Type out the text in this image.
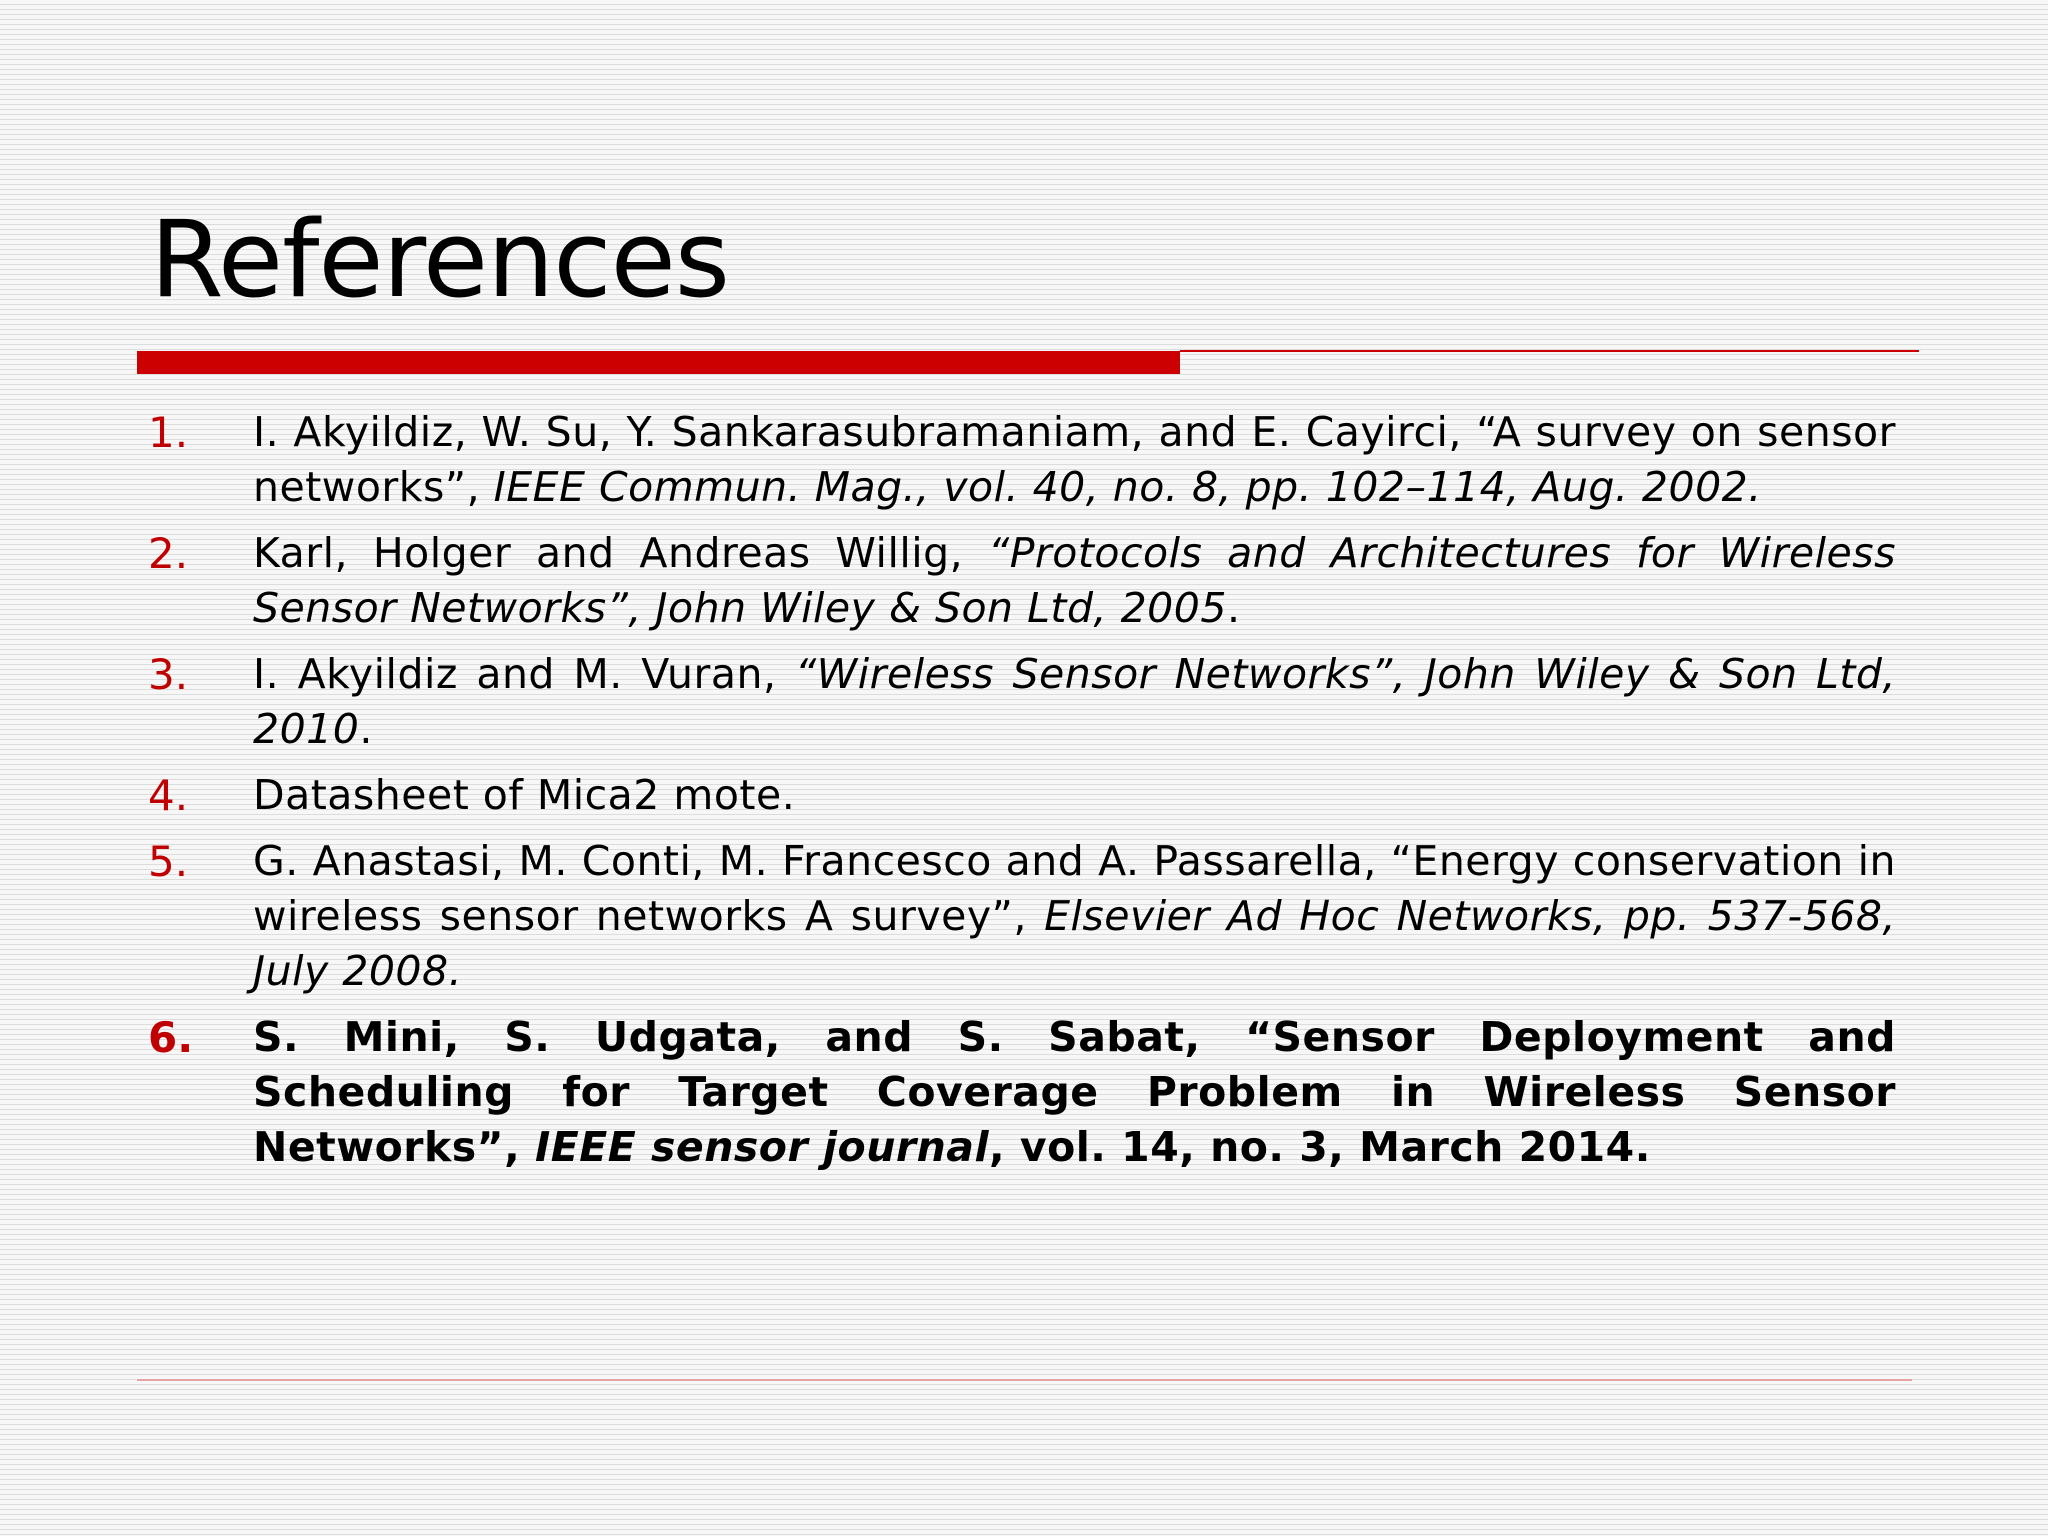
References
1.	I. Akyildiz, W. Su, Y. Sankarasubramaniam, and E. Cayirci, “A survey on sensor networks”, IEEE Commun. Mag., vol. 40, no. 8, pp. 102–114, Aug. 2002.
2.	Karl, Holger and Andreas Willig, “Protocols and Architectures for Wireless Sensor Networks”, John Wiley & Son Ltd, 2005.
3.	I. Akyildiz and M. Vuran, “Wireless Sensor Networks”, John Wiley & Son Ltd, 2010.
4.	Datasheet of Mica2 mote.
5.	G. Anastasi, M. Conti, M. Francesco and A. Passarella, “Energy conservation in wireless sensor networks A survey”, Elsevier Ad Hoc Networks, pp. 537-568, July 2008.
6.	S. Mini, S. Udgata, and S. Sabat, “Sensor Deployment and Scheduling for Target Coverage Problem in Wireless Sensor Networks”, IEEE sensor journal, vol. 14, no. 3, March 2014.
